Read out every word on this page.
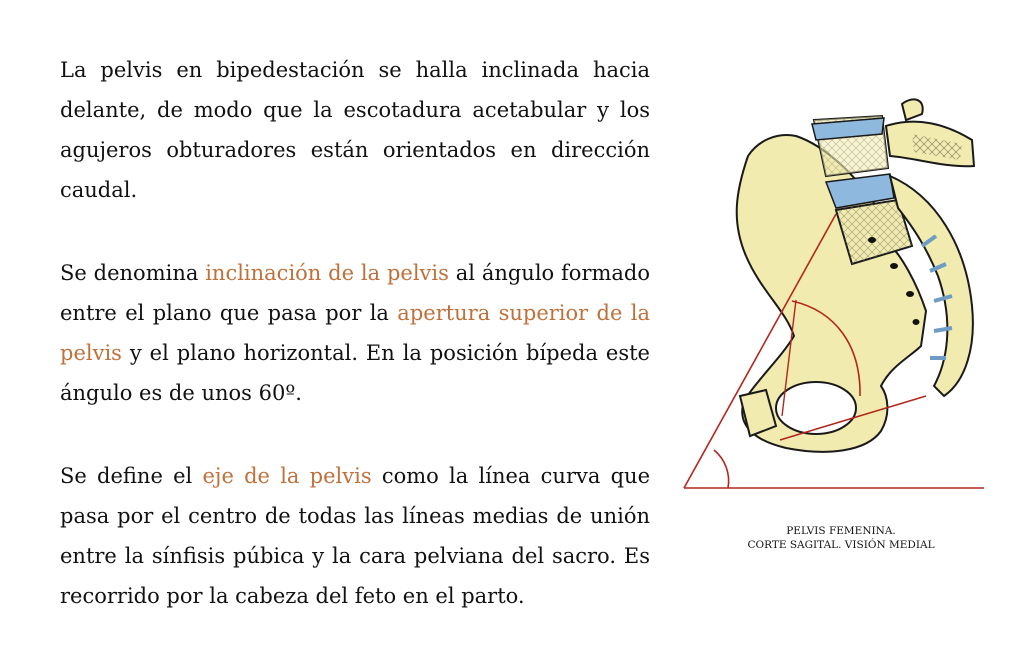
La pelvis en bipedestación se halla inclinada hacia delante, de modo que la escotadura acetabular y los agujeros obturadores están orientados en dirección caudal.

Se denomina inclinación de la pelvis al ángulo formado entre el plano que pasa por la apertura superior de la pelvis y el plano horizontal. En la posición bípeda este ángulo es de unos 60º.

Se define el eje de la pelvis como la línea curva que pasa por el centro de todas las líneas medias de unión entre la sínfisis púbica y la cara pelviana del sacro. Es recorrido por la cabeza del feto en el parto.

PELVIS FEMENINA.
CORTE SAGITAL. VISIÓN MEDIAL
